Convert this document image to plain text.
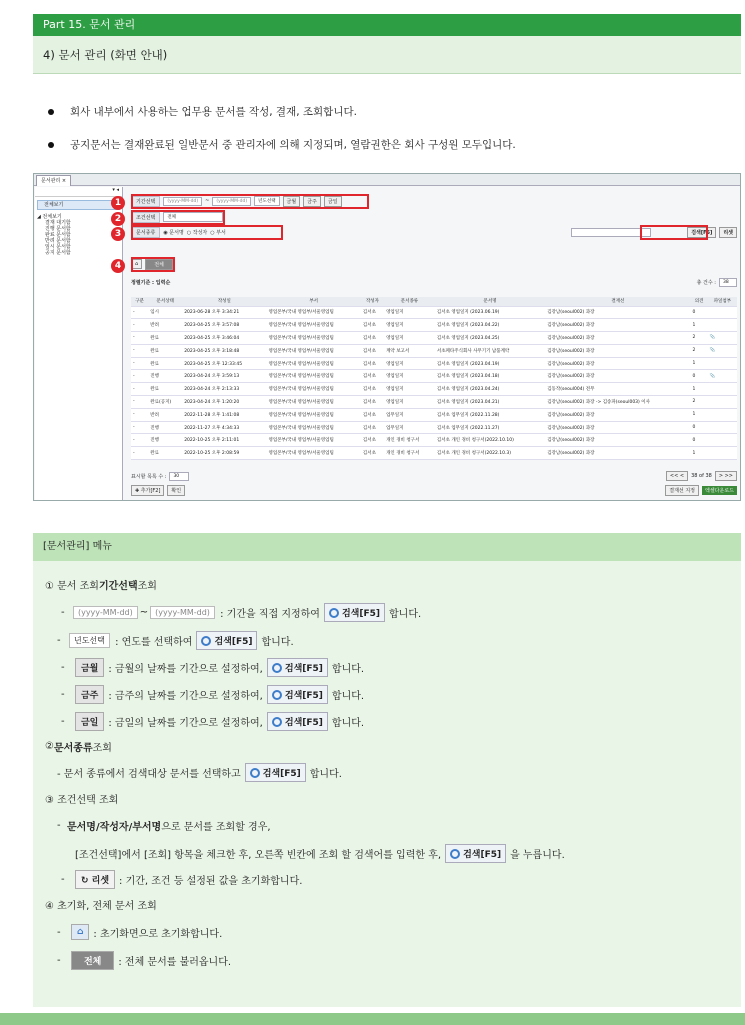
Part 15. 문서 관리
4) 문서 관리 (화면 안내)
회사 내부에서 사용하는 업무용 문서를 작성, 결재, 조회합니다.
공지문서는 결재완료된 일반문서 중 관리자에 의해 지정되며, 열람권한은 회사 구성원 모두입니다.
문서관리 ×
▾ ◂
전체보기
◢ 전체보기
결재 대기함
진행 문서함
완료 문서함
반려 문서함
임시 문서함
공지 문서함
기간선택	(yyyy-MM-dd)	~	(yyyy-MM-dd)	년도선택	금월	금주	금일
조건선택	전체
문서종류	◉ 문서명 ○ 작성자 ○ 부서	검색[F5]	리셋
⌂	전체
정렬기준 : 입력순	총 건수 :	38
구분	문서상태	작성일	부서	작성자	문서종류	문서명	결재선	의견	파일첨부
-	임시	2023-06-28 오후 3:34:21	영업본부/국내 영업부/서울영업팀	김서초	영업일지	김서초 영업일지 (2023.06.19)	김강남(seoul002) 과장	0	
-	반려	2023-04-25 오후 3:57:08	영업본부/국내 영업부/서울영업팀	김서초	영업일지	김서초 영업일지 (2023.04.22)	김강남(seoul002) 과장	1	
-	완료	2023-04-25 오후 3:46:04	영업본부/국내 영업부/서울영업팀	김서초	영업일지	김서초 영업일지 (2023.04.25)	김강남(seoul002) 과장	2	📎
-	완료	2023-04-25 오후 3:18:48	영업본부/국내 영업부/서울영업팀	김서초	계약 보고서	서초페타주식회사 사무기기 납품계약	김강남(seoul002) 과장	2	📎
-	완료	2023-04-25 오후 12:33:45	영업본부/국내 영업부/서울영업팀	김서초	영업일지	김서초 영업일지 (2023.04.19)	김강남(seoul002) 과장	1	
-	진행	2023-04-24 오후 3:59:13	영업본부/국내 영업부/서울영업팀	김서초	영업일지	김서초 영업일지 (2023.04.18)	김강남(seoul002) 과장	0	📎
-	완료	2023-04-24 오후 2:13:33	영업본부/국내 영업부/서울영업팀	김서초	영업일지	김서초 영업일지 (2023.04.24)	김동작(seoul004) 전무	1	
-	완료(공지)	2023-04-24 오후 1:20:20	영업본부/국내 영업부/서울영업팀	김서초	영업일지	김서초 영업일지 (2023.04.21)	김강남(seoul002) 과장 -> 김송파(seoul003) 이사	2	
-	반려	2022-11-28 오후 1:41:08	영업본부/국내 영업부/서울영업팀	김서초	업무일지	김서초 업무일지 (2022.11.28)	김강남(seoul002) 과장	1	
-	진행	2022-11-27 오후 4:34:33	영업본부/국내 영업부/서울영업팀	김서초	업무일지	김서초 업무일지 (2022.11.27)	김강남(seoul002) 과장	0	
-	진행	2022-10-25 오후 2:11:01	영업본부/국내 영업부/서울영업팀	김서초	개인 경비 청구서	김서초 개인 경비 청구서(2022.10.10)	김강남(seoul002) 과장	0	
-	완료	2022-10-25 오후 2:08:59	영업본부/국내 영업부/서울영업팀	김서초	개인 경비 청구서	김서초 개인 경비 청구서(2022.10.3)	김강남(seoul002) 과장	1	
표시할 목록 수 :	30	<< <	38 of 38	> >>
✚ 추가[F2]	확인	결재선 지정	엑셀다운로드
1
2
3
4
[문서관리] 메뉴
① 문서 조회 기간선택 조회
- (yyyy-MM-dd) ~ (yyyy-MM-dd)
	: 기간을 직접 지정하여 검색[F5] 합니다.
- 년도선택
	: 연도를 선택하여 검색[F5] 합니다.
-	금월	: 금월의 날짜를 기간으로 설정하여, 검색[F5] 합니다.
-	금주	: 금주의 날짜를 기간으로 설정하여, 검색[F5] 합니다.
-	금일	: 금일의 날짜를 기간으로 설정하여, 검색[F5] 합니다.
② 문서종류 조회
- 문서 종류에서 검색대상 문서를 선택하고 검색[F5] 합니다.
③ 조건선택 조회
- 문서명/작성자/부서명 으로 문서를 조회할 경우,
[조건선택]에서 [조회] 항목을 체크한 후, 오른쪽 빈칸에 조회 할 검색어를 입력한 후, 검색[F5] 을 누릅니다.
-	↻ 리셋	: 기간, 조건 등 설정된 값을 초기화합니다.
④ 초기화, 전체 문서 조회
-	⌂	: 초기화면으로 초기화합니다.
-	전체	: 전체 문서를 불러옵니다.
